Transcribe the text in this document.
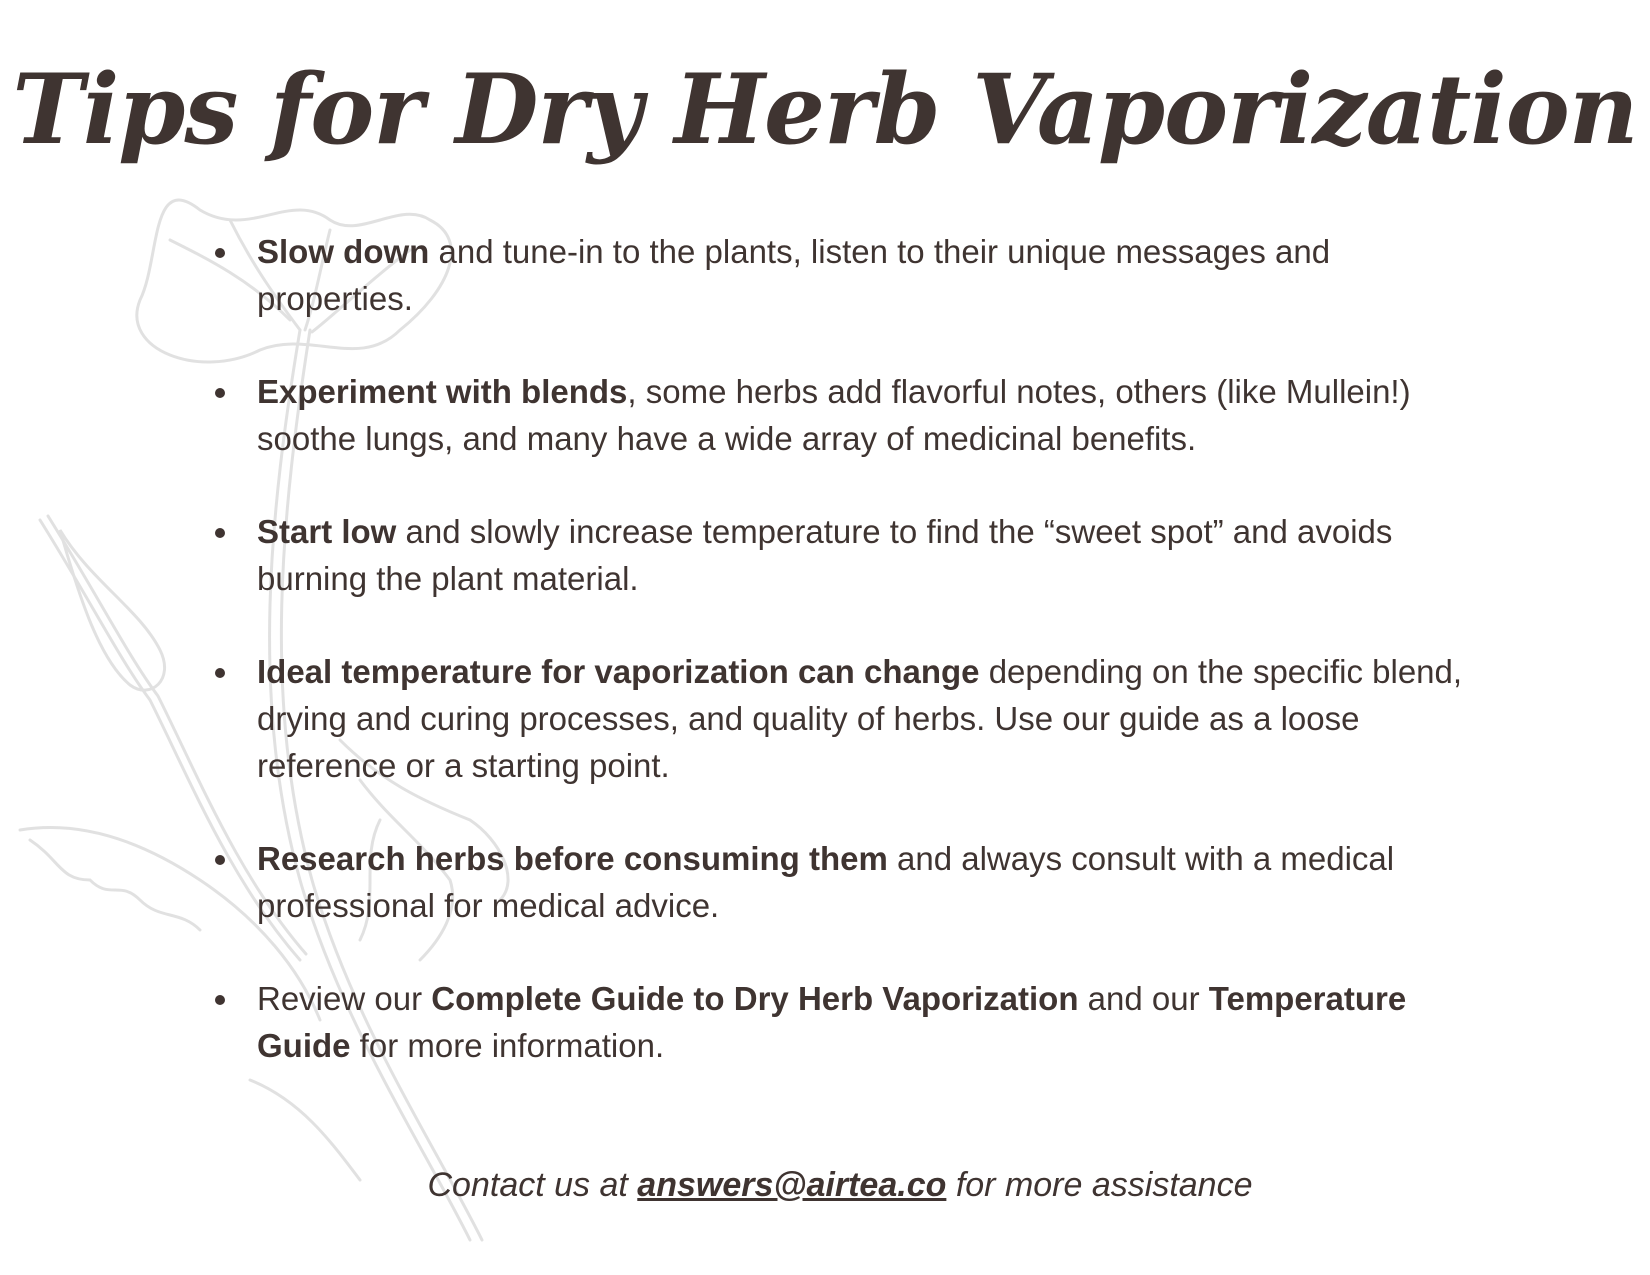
Tips for Dry Herb Vaporization
Slow down and tune-in to the plants, listen to their unique messages and properties.
Experiment with blends, some herbs add flavorful notes, others (like Mullein!) soothe lungs, and many have a wide array of medicinal benefits.
Start low and slowly increase temperature to find the “sweet spot” and avoids burning the plant material.
Ideal temperature for vaporization can change depending on the specific blend, drying and curing processes, and quality of herbs. Use our guide as a loose reference or a starting point.
Research herbs before consuming them and always consult with a medical professional for medical advice.
Review our Complete Guide to Dry Herb Vaporization and our Temperature Guide for more information.
Contact us at answers@airtea.co for more assistance
